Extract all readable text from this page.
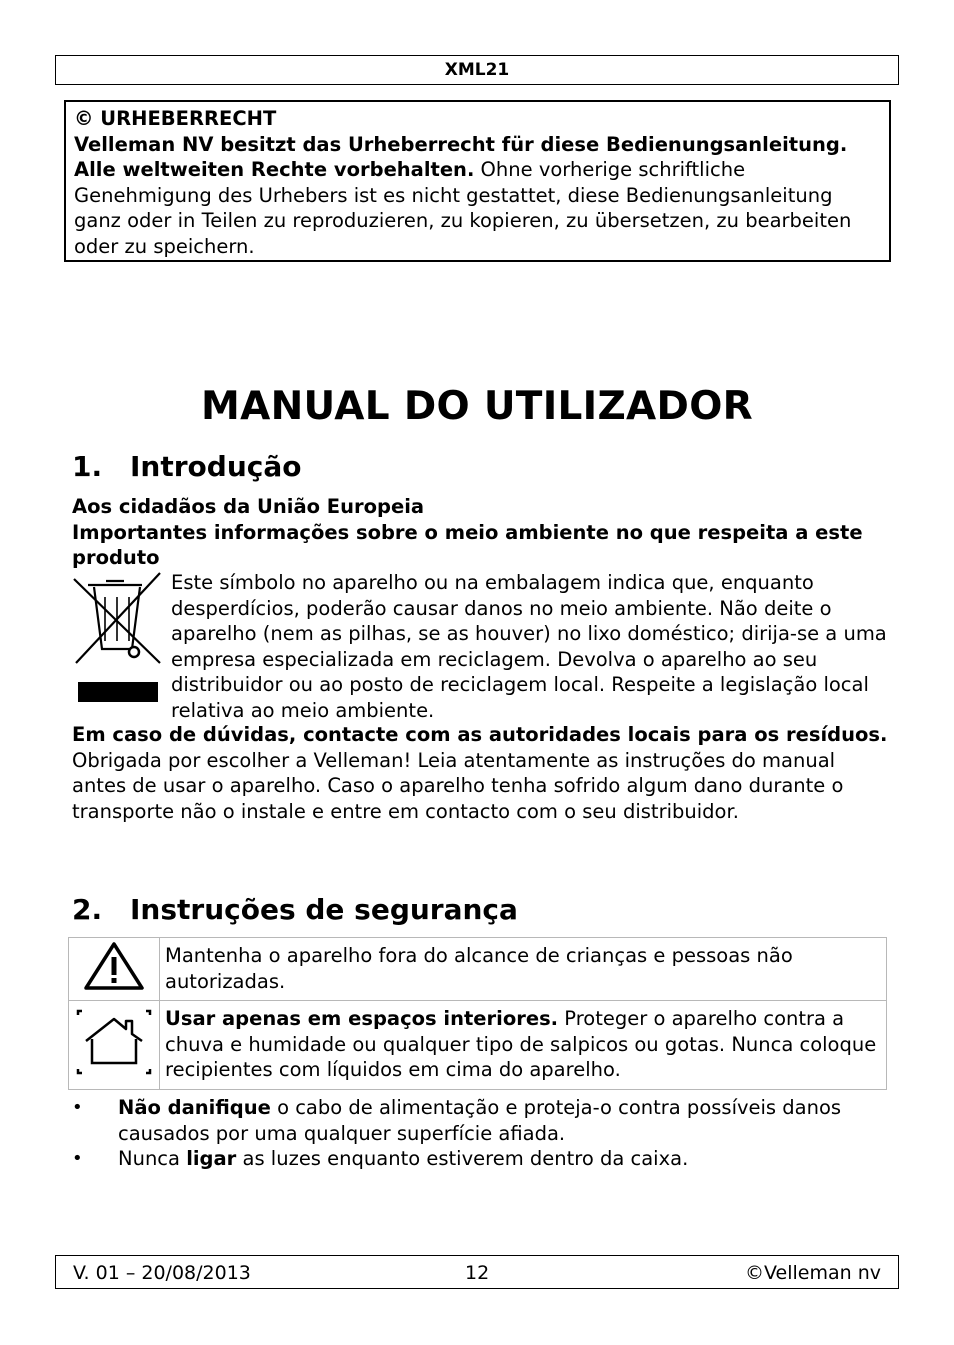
XML21

© URHEBERRECHT

Velleman NV besitzt das Urheberrecht für diese Bedienungsanleitung. Alle weltweiten Rechte vorbehalten. Ohne vorherige schriftliche Genehmigung des Urhebers ist es nicht gestattet, diese Bedienungsanleitung ganz oder in Teilen zu reproduzieren, zu kopieren, zu übersetzen, zu bearbeiten oder zu speichern.

MANUAL DO UTILIZADOR
1. Introdução

Aos cidadãos da União Europeia

Importantes informações sobre o meio ambiente no que respeita a este produto

Este símbolo no aparelho ou na embalagem indica que, enquanto desperdícios, poderão causar danos no meio ambiente. Não deite o aparelho (nem as pilhas, se as houver) no lixo doméstico; dirija-se a uma empresa especializada em reciclagem. Devolva o aparelho ao seu distribuidor ou ao posto de reciclagem local. Respeite a legislação local relativa ao meio ambiente.

Em caso de dúvidas, contacte com as autoridades locais para os resíduos.

Obrigada por escolher a Velleman! Leia atentamente as instruções do manual antes de usar o aparelho. Caso o aparelho tenha sofrido algum dano durante o transporte não o instale e entre em contacto com o seu distribuidor.

2. Instruções de segurança
	Mantenha o aparelho fora do alcance de crianças e pessoas não autorizadas.
	Usar apenas em espaços interiores. Proteger o aparelho contra a chuva e humidade ou qualquer tipo de salpicos ou gotas. Nunca coloque recipientes com líquidos em cima do aparelho.
• Não danifique o cabo de alimentação e proteja-o contra possíveis danos causados por uma qualquer superfície afiada.
• Nunca ligar as luzes enquanto estiverem dentro da caixa.
V. 01 – 20/08/2013	12	©Velleman nv
